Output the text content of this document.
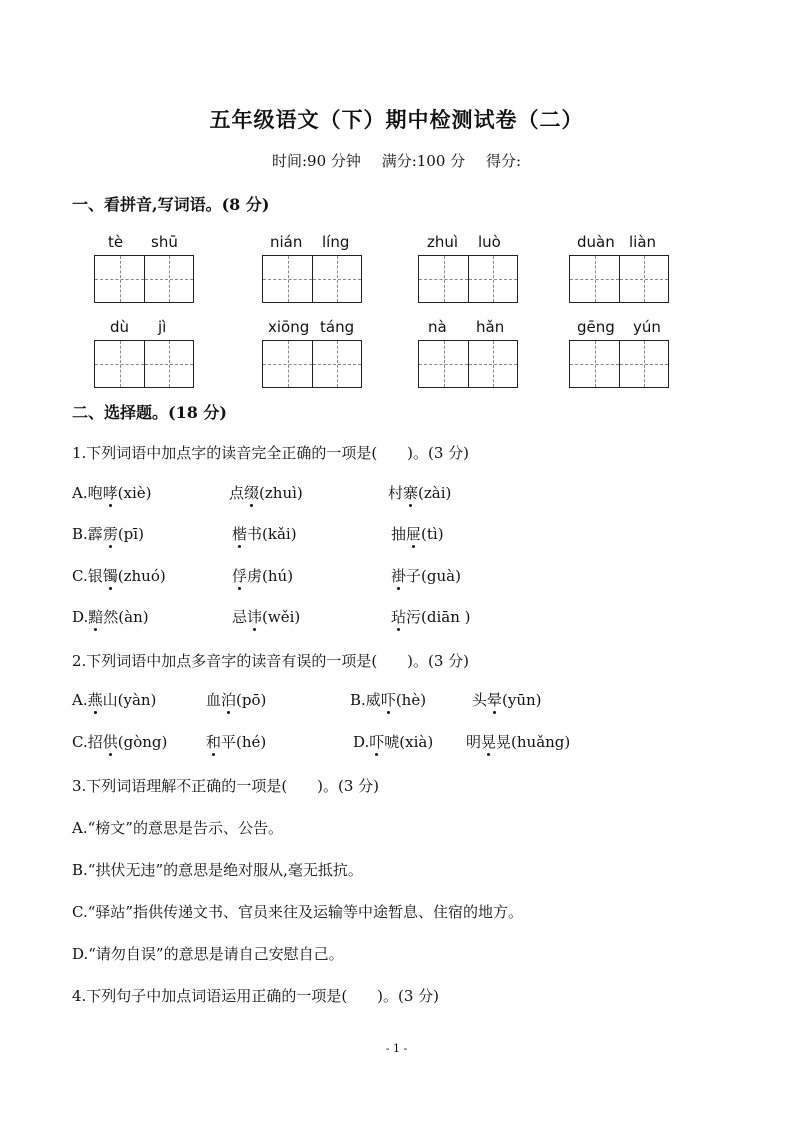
五年级语文（下）期中检测试卷（二）
时间:90 分钟 满分:100 分 得分:
一、看拼音,写词语。(8 分)
tè shū	nián líng	zhuì luò	duàn liàn
dù jì	xiōng táng	nà hǎn	gēng yún
二、选择题。(18 分)
1.下列词语中加点字的读音完全正确的一项是(　　)。(3 分)
A.咆哮(xiè)	点缀(zhuì)	村寨(zài)
B.霹雳(pī)	楷书(kǎi)	抽屉(tì)
C.银镯(zhuó)	俘虏(hú)	褂子(guà)
D.黯然(àn)	忌讳(wěi)	玷污(diān )
2.下列词语中加点多音字的读音有误的一项是(　　)。(3 分)
A.燕山(yàn)	血泊(pō)	B.威吓(hè)	头晕(yūn)
C.招供(gòng)	和平(hé)	D.吓唬(xià) 明晃晃(huǎng)
3.下列词语理解不正确的一项是(　　)。(3 分)
A.“榜文”的意思是告示、公告。
B.“拱伏无违”的意思是绝对服从,毫无抵抗。
C.“驿站”指供传递文书、官员来往及运输等中途暂息、住宿的地方。
D.“请勿自误”的意思是请自己安慰自己。
4.下列句子中加点词语运用正确的一项是(　　)。(3 分)
- 1 -
